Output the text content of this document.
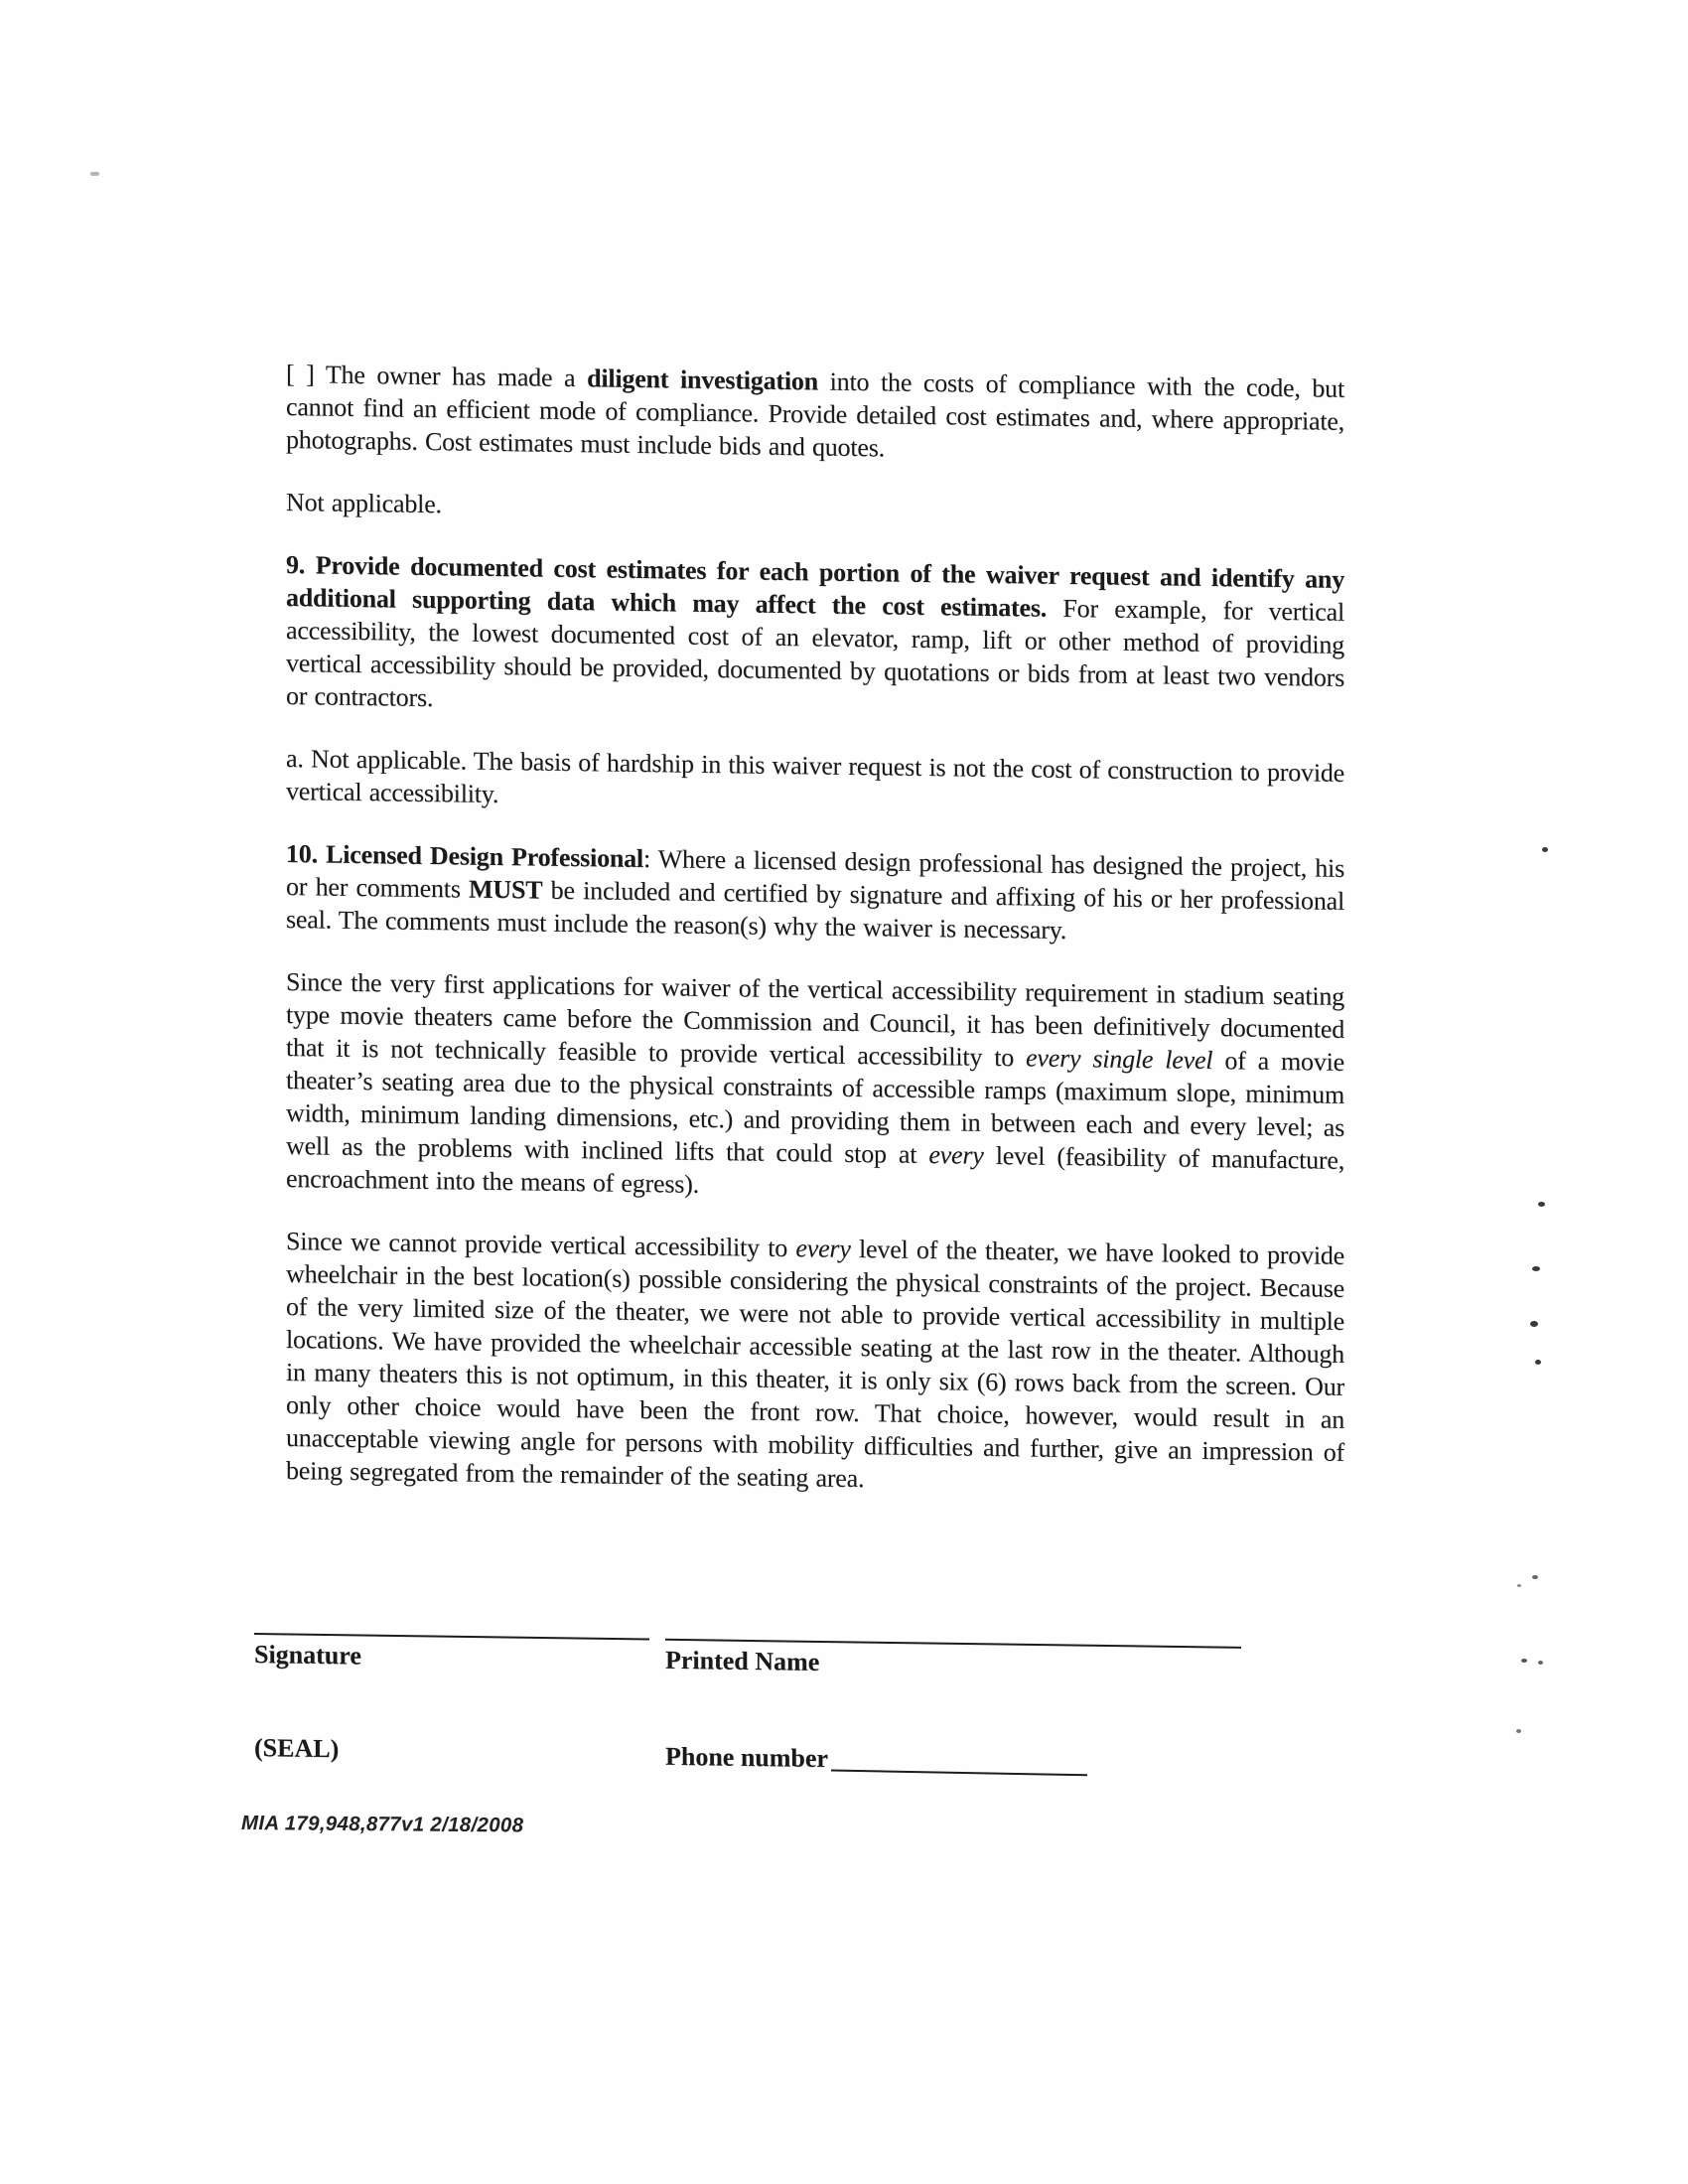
[ ] The owner has made a diligent investigation into the costs of compliance with the code, but cannot find an efficient mode of compliance. Provide detailed cost estimates and, where appropriate, photographs. Cost estimates must include bids and quotes.

Not applicable.

9. Provide documented cost estimates for each portion of the waiver request and identify any additional supporting data which may affect the cost estimates. For example, for vertical accessibility, the lowest documented cost of an elevator, ramp, lift or other method of providing vertical accessibility should be provided, documented by quotations or bids from at least two vendors or contractors.

a. Not applicable. The basis of hardship in this waiver request is not the cost of construction to provide vertical accessibility.

10. Licensed Design Professional: Where a licensed design professional has designed the project, his or her comments MUST be included and certified by signature and affixing of his or her professional seal. The comments must include the reason(s) why the waiver is necessary.

Since the very first applications for waiver of the vertical accessibility requirement in stadium seating type movie theaters came before the Commission and Council, it has been definitively documented that it is not technically feasible to provide vertical accessibility to every single level of a movie theater’s seating area due to the physical constraints of accessible ramps (maximum slope, minimum width, minimum landing dimensions, etc.) and providing them in between each and every level; as well as the problems with inclined lifts that could stop at every level (feasibility of manufacture, encroachment into the means of egress).

Since we cannot provide vertical accessibility to every level of the theater, we have looked to provide wheelchair in the best location(s) possible considering the physical constraints of the project. Because of the very limited size of the theater, we were not able to provide vertical accessibility in multiple locations. We have provided the wheelchair accessible seating at the last row in the theater. Although in many theaters this is not optimum, in this theater, it is only six (6) rows back from the screen. Our only other choice would have been the front row. That choice, however, would result in an unacceptable viewing angle for persons with mobility difficulties and further, give an impression of being segregated from the remainder of the seating area.

Signature	Printed Name
(SEAL)	Phone number
MIA 179,948,877v1 2/18/2008
